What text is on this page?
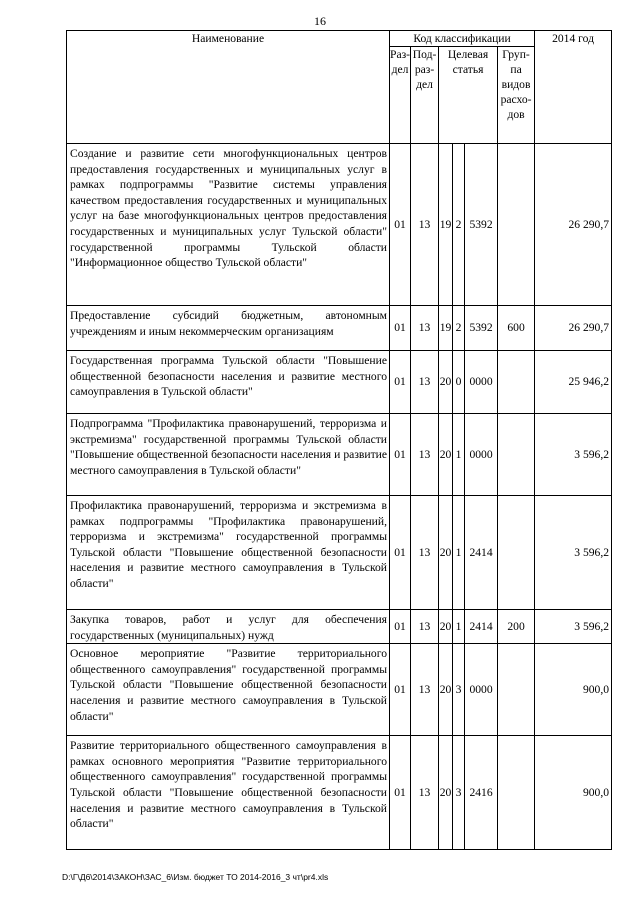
16
Наименование	Код классификации						2014 год
	Раз-дел	Под-раз-дел	Целевая статья			Груп-па видов расхо-дов	
Создание и развитие сети многофункциональных центров предоставления государственных и муниципальных услуг в рамках подпрограммы "Развитие системы управления качеством предоставления государственных и муниципальных услуг на базе многофункциональных центров предоставления государственных и муниципальных услуг Тульской области" государственной программы Тульской области "Информационное общество Тульской области"	01	13	19	2	5392		26 290,7
Предоставление субсидий бюджетным, автономным учреждениям и иным некоммерческим организациям	01	13	19	2	5392	600	26 290,7
Государственная программа Тульской области "Повышение общественной безопасности населения и развитие местного самоуправления в Тульской области"	01	13	20	0	0000		25 946,2
Подпрограмма "Профилактика правонарушений, терроризма и экстремизма" государственной программы Тульской области "Повышение общественной безопасности населения и развитие местного самоуправления в Тульской области"	01	13	20	1	0000		3 596,2
Профилактика правонарушений, терроризма и экстремизма в рамках подпрограммы "Профилактика правонарушений, терроризма и экстремизма" государственной программы Тульской области "Повышение общественной безопасности населения и развитие местного самоуправления в Тульской области"	01	13	20	1	2414		3 596,2
Закупка товаров, работ и услуг для обеспечения государственных (муниципальных) нужд	01	13	20	1	2414	200	3 596,2
Основное мероприятие "Развитие территориального общественного самоуправления" государственной программы Тульской области "Повышение общественной безопасности населения и развитие местного самоуправления в Тульской области"	01	13	20	3	0000		900,0
Развитие территориального общественного самоуправления в рамках основного мероприятия "Развитие территориального общественного самоуправления" государственной программы Тульской области "Повышение общественной безопасности населения и развитие местного самоуправления в Тульской области"	01	13	20	3	2416		900,0
D:\Г\Д6\2014\ЗАКОН\ЗАС_6\Изм. бюджет ТО 2014-2016_3 чт\pr4.xls
